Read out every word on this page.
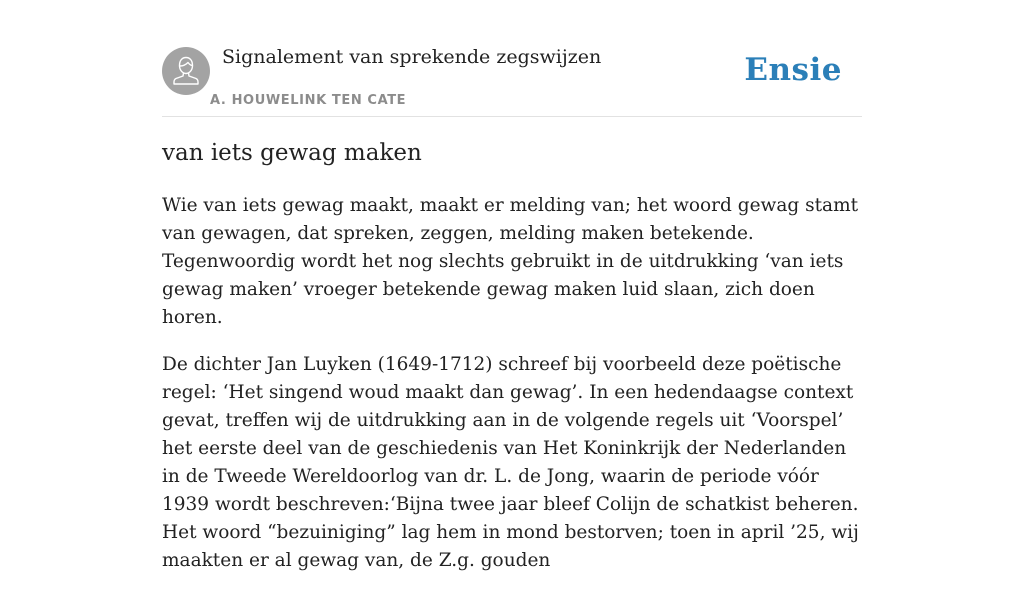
Signalement van sprekende zegswijzen
A. HOUWELINK TEN CATE
Ensie
van iets gewag maken

Wie van iets gewag maakt, maakt er melding van; het woord gewag stamt van gewagen, dat spreken, zeggen, melding maken betekende. Tegenwoordig wordt het nog slechts gebruikt in de uitdrukking ‘van iets gewag maken’ vroeger betekende gewag maken luid slaan, zich doen horen.

De dichter Jan Luyken (1649-1712) schreef bij voorbeeld deze poëtische regel: ‘Het singend woud maakt dan gewag’. In een hedendaagse context gevat, treffen wij de uitdrukking aan in de volgende regels uit ‘Voorspel’ het eerste deel van de geschiedenis van Het Koninkrijk der Nederlanden in de Tweede Wereldoorlog van dr. L. de Jong, waarin de periode vóór 1939 wordt beschreven:‘Bijna twee jaar bleef Colijn de schatkist beheren. Het woord “bezuiniging” lag hem in mond bestorven; toen in april ’25, wij maakten er al gewag van, de Z.g. gouden
